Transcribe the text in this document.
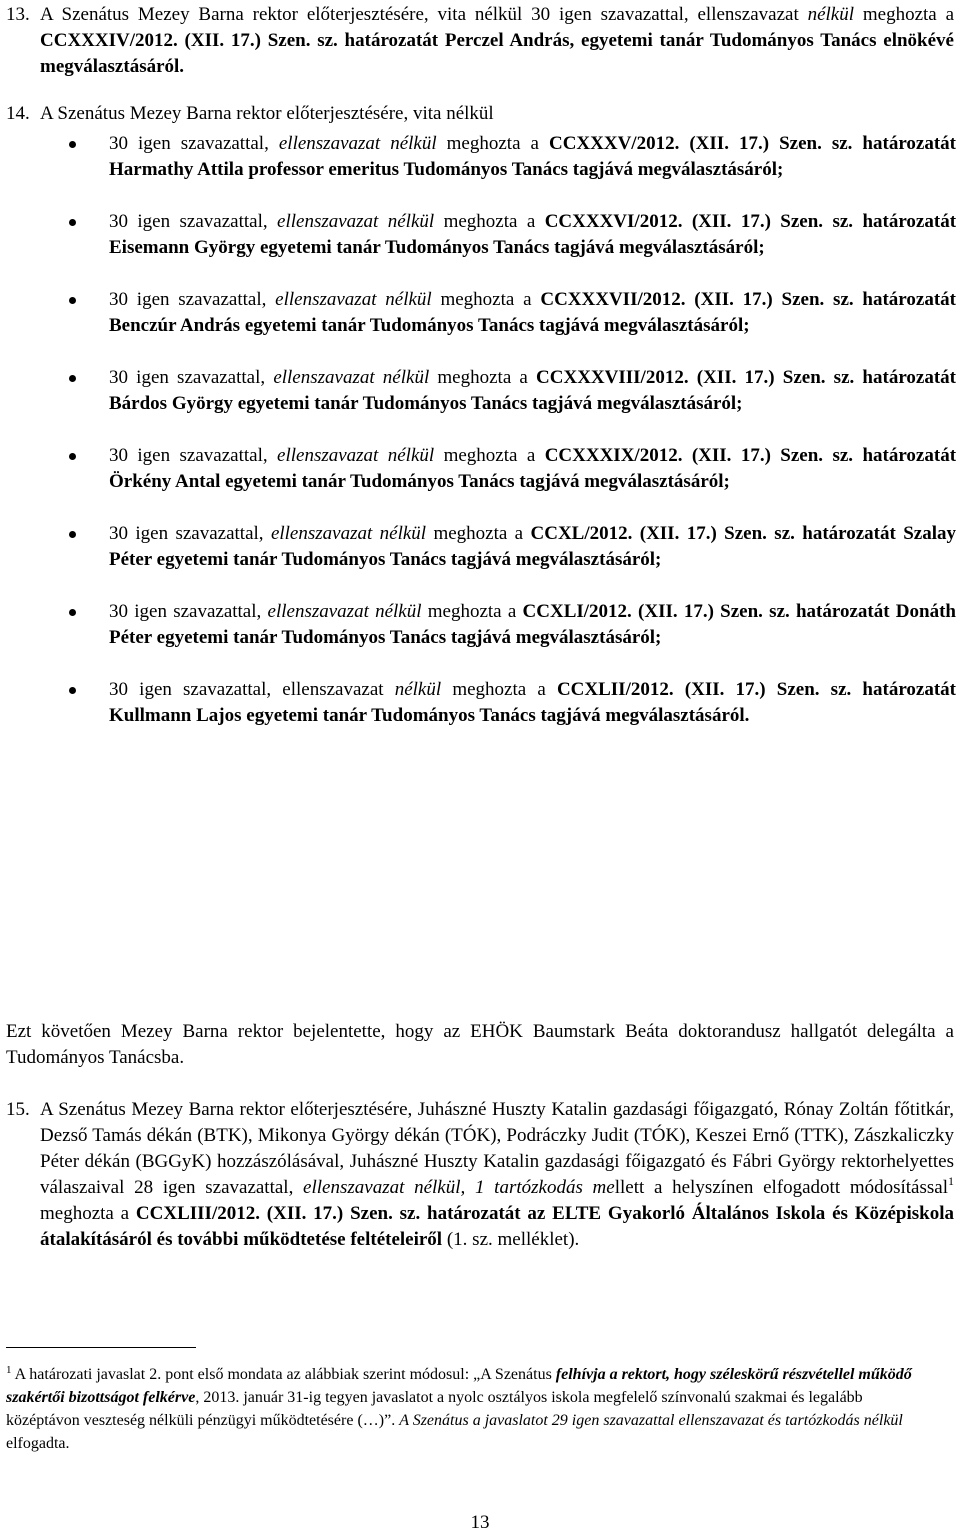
13. A Szenátus Mezey Barna rektor előterjesztésére, vita nélkül 30 igen szavazattal, ellenszavazat nélkül meghozta a CCXXXIV/2012. (XII. 17.) Szen. sz. határozatát Perczel András, egyetemi tanár Tudományos Tanács elnökévé megválasztásáról.
14. A Szenátus Mezey Barna rektor előterjesztésére, vita nélkül
30 igen szavazattal, ellenszavazat nélkül meghozta a CCXXXV/2012. (XII. 17.) Szen. sz. határozatát Harmathy Attila professor emeritus Tudományos Tanács tagjává megválasztásáról;
30 igen szavazattal, ellenszavazat nélkül meghozta a CCXXXVI/2012. (XII. 17.) Szen. sz. határozatát Eisemann György egyetemi tanár Tudományos Tanács tagjává megválasztásáról;
30 igen szavazattal, ellenszavazat nélkül meghozta a CCXXXVII/2012. (XII. 17.) Szen. sz. határozatát Benczúr András egyetemi tanár Tudományos Tanács tagjává megválasztásáról;
30 igen szavazattal, ellenszavazat nélkül meghozta a CCXXXVIII/2012. (XII. 17.) Szen. sz. határozatát Bárdos György egyetemi tanár Tudományos Tanács tagjává megválasztásáról;
30 igen szavazattal, ellenszavazat nélkül meghozta a CCXXXIX/2012. (XII. 17.) Szen. sz. határozatát Örkény Antal egyetemi tanár Tudományos Tanács tagjává megválasztásáról;
30 igen szavazattal, ellenszavazat nélkül meghozta a CCXL/2012. (XII. 17.) Szen. sz. határozatát Szalay Péter egyetemi tanár Tudományos Tanács tagjává megválasztásáról;
30 igen szavazattal, ellenszavazat nélkül meghozta a CCXLI/2012. (XII. 17.) Szen. sz. határozatát Donáth Péter egyetemi tanár Tudományos Tanács tagjává megválasztásáról;
30 igen szavazattal, ellenszavazat nélkül meghozta a CCXLII/2012. (XII. 17.) Szen. sz. határozatát Kullmann Lajos egyetemi tanár Tudományos Tanács tagjává megválasztásáról.
Ezt követően Mezey Barna rektor bejelentette, hogy az EHÖK Baumstark Beáta doktorandusz hallgatót delegálta a Tudományos Tanácsba.
15. A Szenátus Mezey Barna rektor előterjesztésére, Juhászné Huszty Katalin gazdasági főigazgató, Rónay Zoltán főtitkár, Dezső Tamás dékán (BTK), Mikonya György dékán (TÓK), Podráczky Judit (TÓK), Keszei Ernő (TTK), Zászkaliczky Péter dékán (BGGyK) hozzászólásával, Juhászné Huszty Katalin gazdasági főigazgató és Fábri György rektorhelyettes válaszaival 28 igen szavazattal, ellenszavazat nélkül, 1 tartózkodás mellett a helyszínen elfogadott módosítással$^1$ meghozta a CCXLIII/2012. (XII. 17.) Szen. sz. határozatát az ELTE Gyakorló Általános Iskola és Középiskola átalakításáról és további működtetése feltételeiről (1. sz. melléklet).
$^1$ A határozati javaslat 2. pont első mondata az alábbiak szerint módosul: „A Szenátus felhívja a rektort, hogy széleskörű részvétellel működő szakértői bizottságot felkérve, 2013. január 31-ig tegyen javaslatot a nyolc osztályos iskola megfelelő színvonalú szakmai és legalább középtávon veszteség nélküli pénzügyi működtetésére (…)”. A Szenátus a javaslatot 29 igen szavazattal ellenszavazat és tartózkodás nélkül elfogadta.
13
